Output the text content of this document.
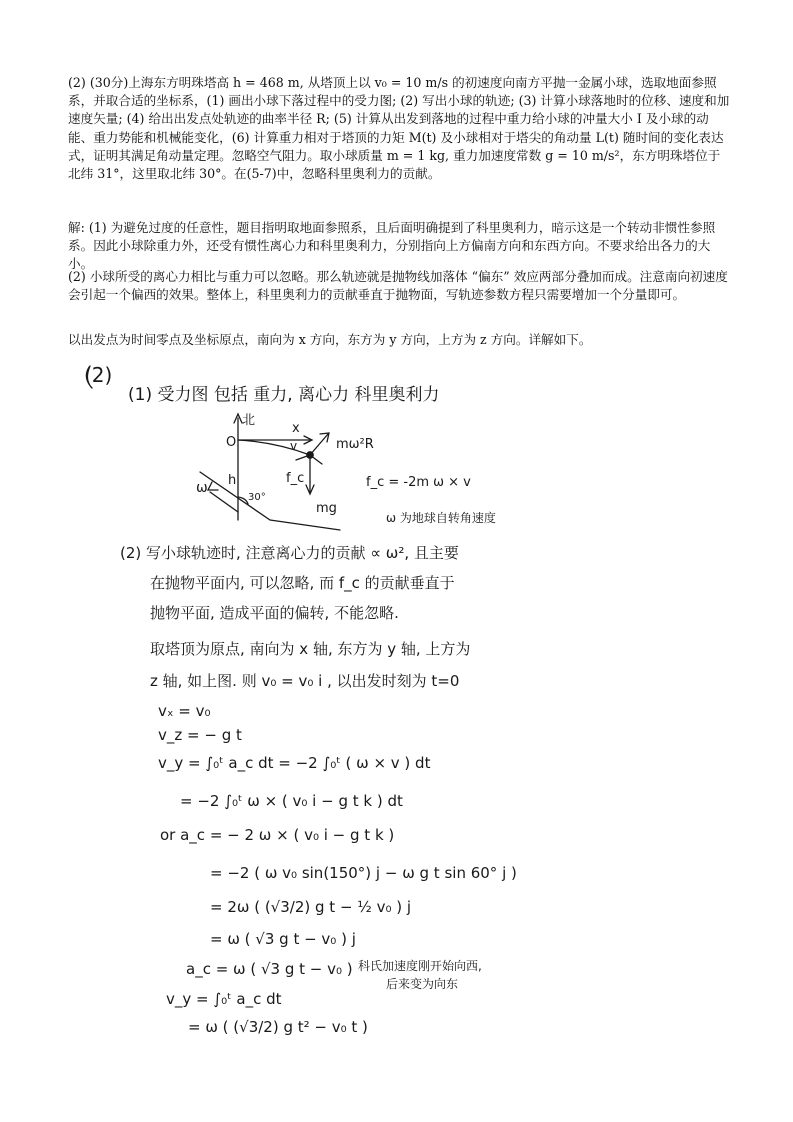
(2) (30分)上海东方明珠塔高 h = 468 m, 从塔顶上以 v₀ = 10 m/s 的初速度向南方平抛一金属小球，选取地面参照系，并取合适的坐标系，(1) 画出小球下落过程中的受力图; (2) 写出小球的轨迹; (3) 计算小球落地时的位移、速度和加速度矢量; (4) 给出出发点处轨迹的曲率半径 R; (5) 计算从出发到落地的过程中重力给小球的冲量大小 I 及小球的动能、重力势能和机械能变化，(6) 计算重力相对于塔顶的力矩 M(t) 及小球相对于塔尖的角动量 L(t) 随时间的变化表达式，证明其满足角动量定理。忽略空气阻力。取小球质量 m = 1 kg, 重力加速度常数 g = 10 m/s²，东方明珠塔位于北纬 31°，这里取北纬 30°。在(5-7)中，忽略科里奥利力的贡献。
解: (1) 为避免过度的任意性，题目指明取地面参照系，且后面明确提到了科里奥利力，暗示这是一个转动非惯性参照系。因此小球除重力外，还受有惯性离心力和科里奥利力，分别指向上方偏南方向和东西方向。不要求给出各力的大小。
(2) 小球所受的离心力相比与重力可以忽略。那么轨迹就是抛物线加落体 “偏东” 效应两部分叠加而成。注意南向初速度会引起一个偏西的效果。整体上，科里奥利力的贡献垂直于抛物面，写轨迹参数方程只需要增加一个分量即可。
以出发点为时间零点及坐标原点，南向为 x 方向，东方为 y 方向，上方为 z 方向。详解如下。
(2)
(1) 受力图 包括 重力, 离心力 科里奥利力
北
x
O
h
ω
30°
v	mω²R
f_c
mg
f_c = -2m ω × v
ω 为地球自转角速度
(2) 写小球轨迹时, 注意离心力的贡献 ∝ ω², 且主要
在抛物平面内, 可以忽略, 而 f_c 的贡献垂直于
抛物平面, 造成平面的偏转, 不能忽略.
取塔顶为原点, 南向为 x 轴, 东方为 y 轴, 上方为
z 轴, 如上图. 则 v₀ = v₀ i , 以出发时刻为 t=0
vₓ = v₀
v_z = − g t
v_y = ∫₀ᵗ a_c dt = −2 ∫₀ᵗ ( ω × v ) dt
= −2 ∫₀ᵗ ω × ( v₀ i − g t k ) dt
or a_c = − 2 ω × ( v₀ i − g t k )
= −2 ( ω v₀ sin(150°) j − ω g t sin 60° j )
= 2ω ( (√3/2) g t − ½ v₀ ) j
= ω ( √3 g t − v₀ ) j
a_c = ω ( √3 g t − v₀ ) 科氏加速度刚开始向西,
后来变为向东
v_y = ∫₀ᵗ a_c dt
= ω ( (√3/2) g t² − v₀ t )
